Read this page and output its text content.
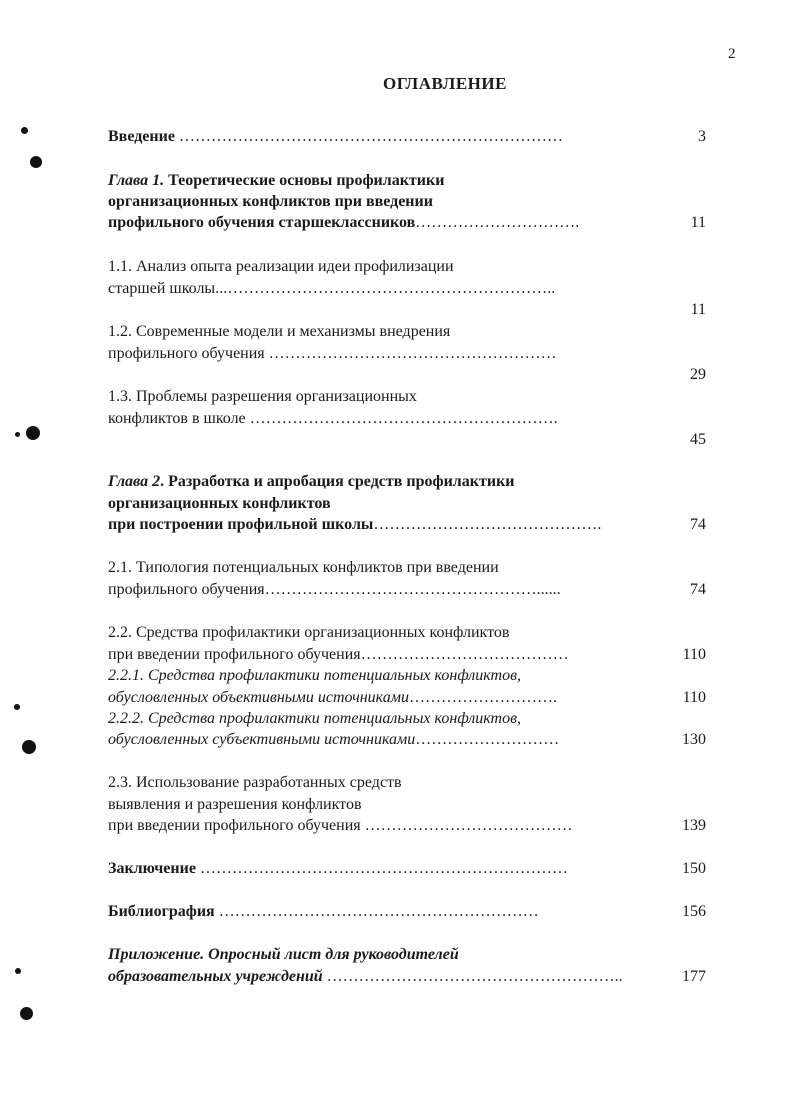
2
ОГЛАВЛЕНИЕ
Введение ………………………………………………………………	3
Глава 1. Теоретические основы профилактики
организационных конфликтов при введении
профильного обучения старшеклассников………………………….	11
1.1. Анализ опыта реализации идеи профилизации
старшей школы...……………………………………………………..
11
1.2. Современные модели и механизмы внедрения
профильного обучения ………………………………………………
29
1.3. Проблемы разрешения организационных
конфликтов в школе ………………………………………………….
45
Глава 2. Разработка и апробация средств профилактики
организационных конфликтов
при построении профильной школы…………………………………….	74
2.1. Типология потенциальных конфликтов при введении
профильного обучения……………………………………………......	74
2.2. Средства профилактики организационных конфликтов
при введении профильного обучения…………………………………	110
2.2.1. Средства профилактики потенциальных конфликтов,
обусловленных объективными источниками……………………….	110
2.2.2. Средства профилактики потенциальных конфликтов,
обусловленных субъективными источниками………………………	130
2.3. Использование разработанных средств
выявления и разрешения конфликтов
при введении профильного обучения …………………………………	139
Заключение ……………………………………………………………	150
Библиография ……………………………………………………	156
Приложение. Опросный лист для руководителей
образовательных учреждений ………………………………………………..	177
